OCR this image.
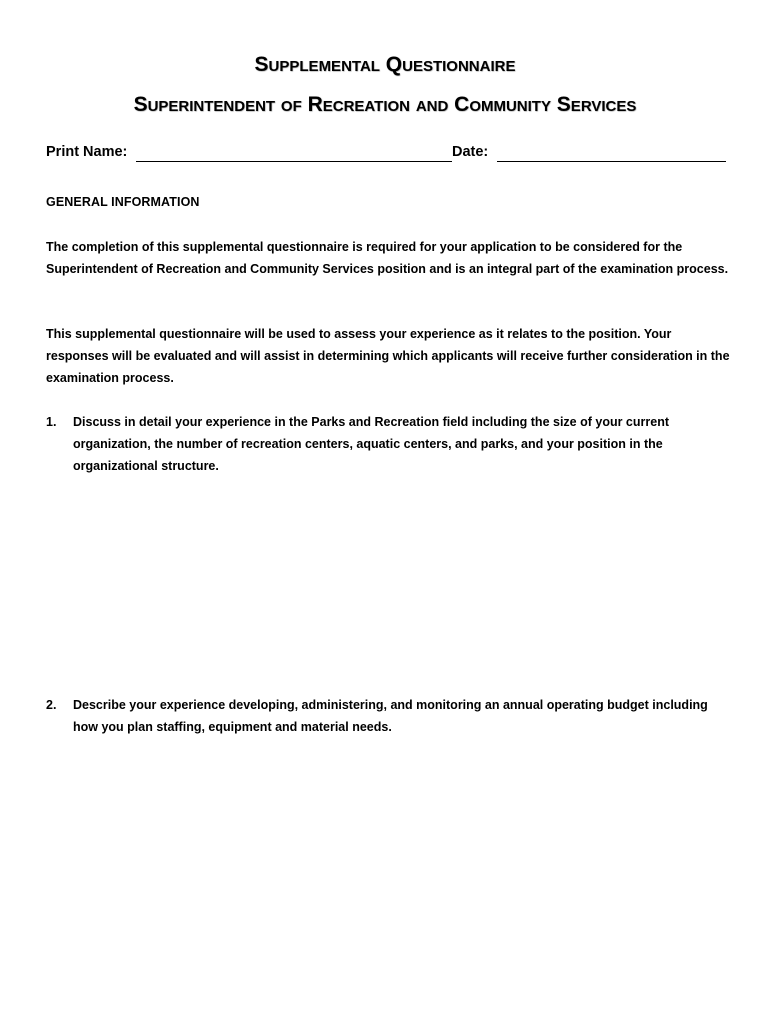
Supplemental Questionnaire
Superintendent of Recreation and Community Services
Print Name:	Date:
GENERAL INFORMATION

The completion of this supplemental questionnaire is required for your application to be considered for the Superintendent of Recreation and Community Services position and is an integral part of the examination process.

This supplemental questionnaire will be used to assess your experience as it relates to the position. Your responses will be evaluated and will assist in determining which applicants will receive further consideration in the examination process.

1. Discuss in detail your experience in the Parks and Recreation field including the size of your current organization, the number of recreation centers, aquatic centers, and parks, and your position in the organizational structure.

2. Describe your experience developing, administering, and monitoring an annual operating budget including how you plan staffing, equipment and material needs.
